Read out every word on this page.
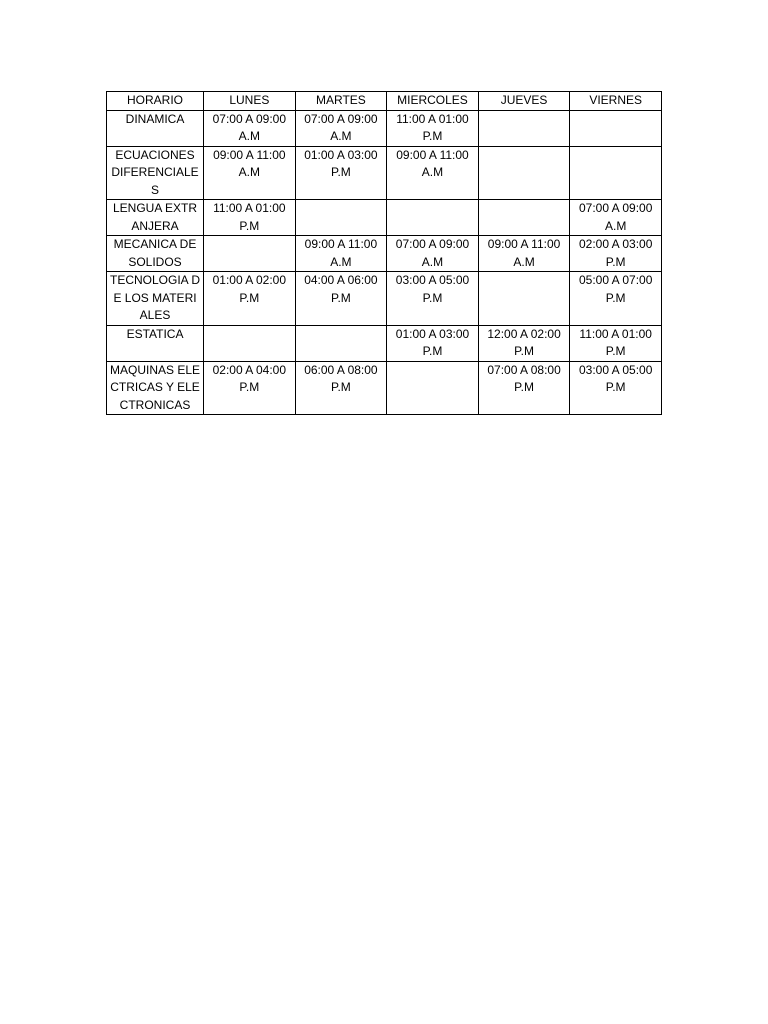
HORARIO	LUNES	MARTES	MIERCOLES	JUEVES	VIERNES
DINAMICA	07:00 A 09:00 A.M	07:00 A 09:00 A.M	11:00 A 01:00 P.M		
ECUACIONES DIFERENCIALES	09:00 A 11:00 A.M	01:00 A 03:00 P.M	09:00 A 11:00 A.M		
LENGUA EXTRANJERA	11:00 A 01:00 P.M				07:00 A 09:00 A.M
MECANICA DE SOLIDOS		09:00 A 11:00 A.M	07:00 A 09:00 A.M	09:00 A 11:00 A.M	02:00 A 03:00 P.M
TECNOLOGIA DE LOS MATERIALES	01:00 A 02:00 P.M	04:00 A 06:00 P.M	03:00 A 05:00 P.M		05:00 A 07:00 P.M
ESTATICA			01:00 A 03:00 P.M	12:00 A 02:00 P.M	11:00 A 01:00 P.M
MAQUINAS ELECTRICAS Y ELECTRONICAS	02:00 A 04:00 P.M	06:00 A 08:00 P.M		07:00 A 08:00 P.M	03:00 A 05:00 P.M
